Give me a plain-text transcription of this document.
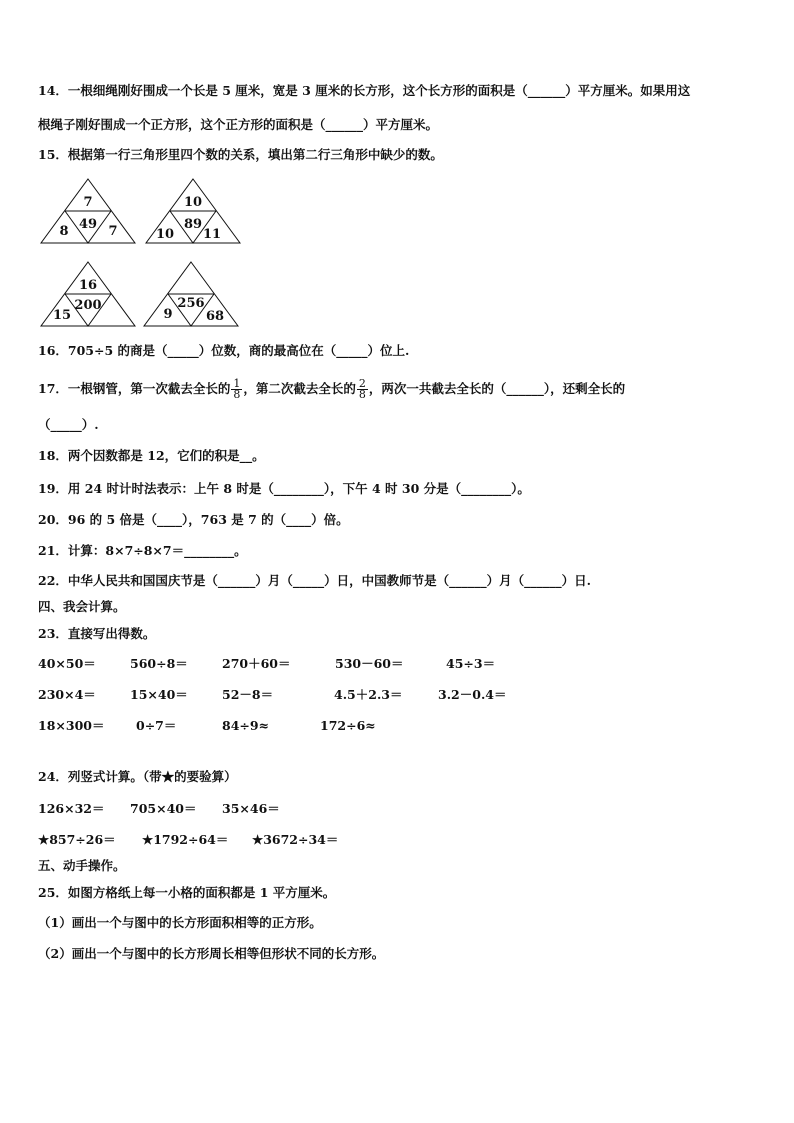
14．一根细绳刚好围成一个长是 5 厘米，宽是 3 厘米的长方形，这个长方形的面积是（______）平方厘米。如果用这
根绳子刚好围成一个正方形，这个正方形的面积是（______）平方厘米。
15．根据第一行三角形里四个数的关系，填出第二行三角形中缺少的数。
7
49
8	7
10
89
10 11
16
200
15
256
9	68
16．705÷5 的商是（_____）位数，商的最高位在（_____）位上.
17．一根钢管，第一次截去全长的 $\frac{1}{8}$ ，第二次截去全长的 $\frac{2}{8}$ ，两次一共截去全长的（______），还剩全长的
（_____）.
18．两个因数都是 12，它们的积是__。
19．用 24 时计时法表示：上午 8 时是（________），下午 4 时 30 分是（________）。
20．96 的 5 倍是（____），763 是 7 的（____）倍。
21．计算：8×7÷8×7＝________。
22．中华人民共和国国庆节是（______）月（_____）日，中国教师节是（______）月（______）日.
四、我会计算。
23．直接写出得数。
40×50＝	560÷8＝	270＋60＝	530－60＝	45÷3＝
230×4＝	15×40＝	52－8＝	4.5＋2.3＝	3.2－0.4＝
18×300＝	0÷7＝	84÷9≈	172÷6≈
24．列竖式计算。（带★的要验算）
126×32＝ 705×40＝ 35×46＝
★857÷26＝ ★1792÷64＝ ★3672÷34＝
五、动手操作。
25．如图方格纸上每一小格的面积都是 1 平方厘米。
（1）画出一个与图中的长方形面积相等的正方形。
（2）画出一个与图中的长方形周长相等但形状不同的长方形。
